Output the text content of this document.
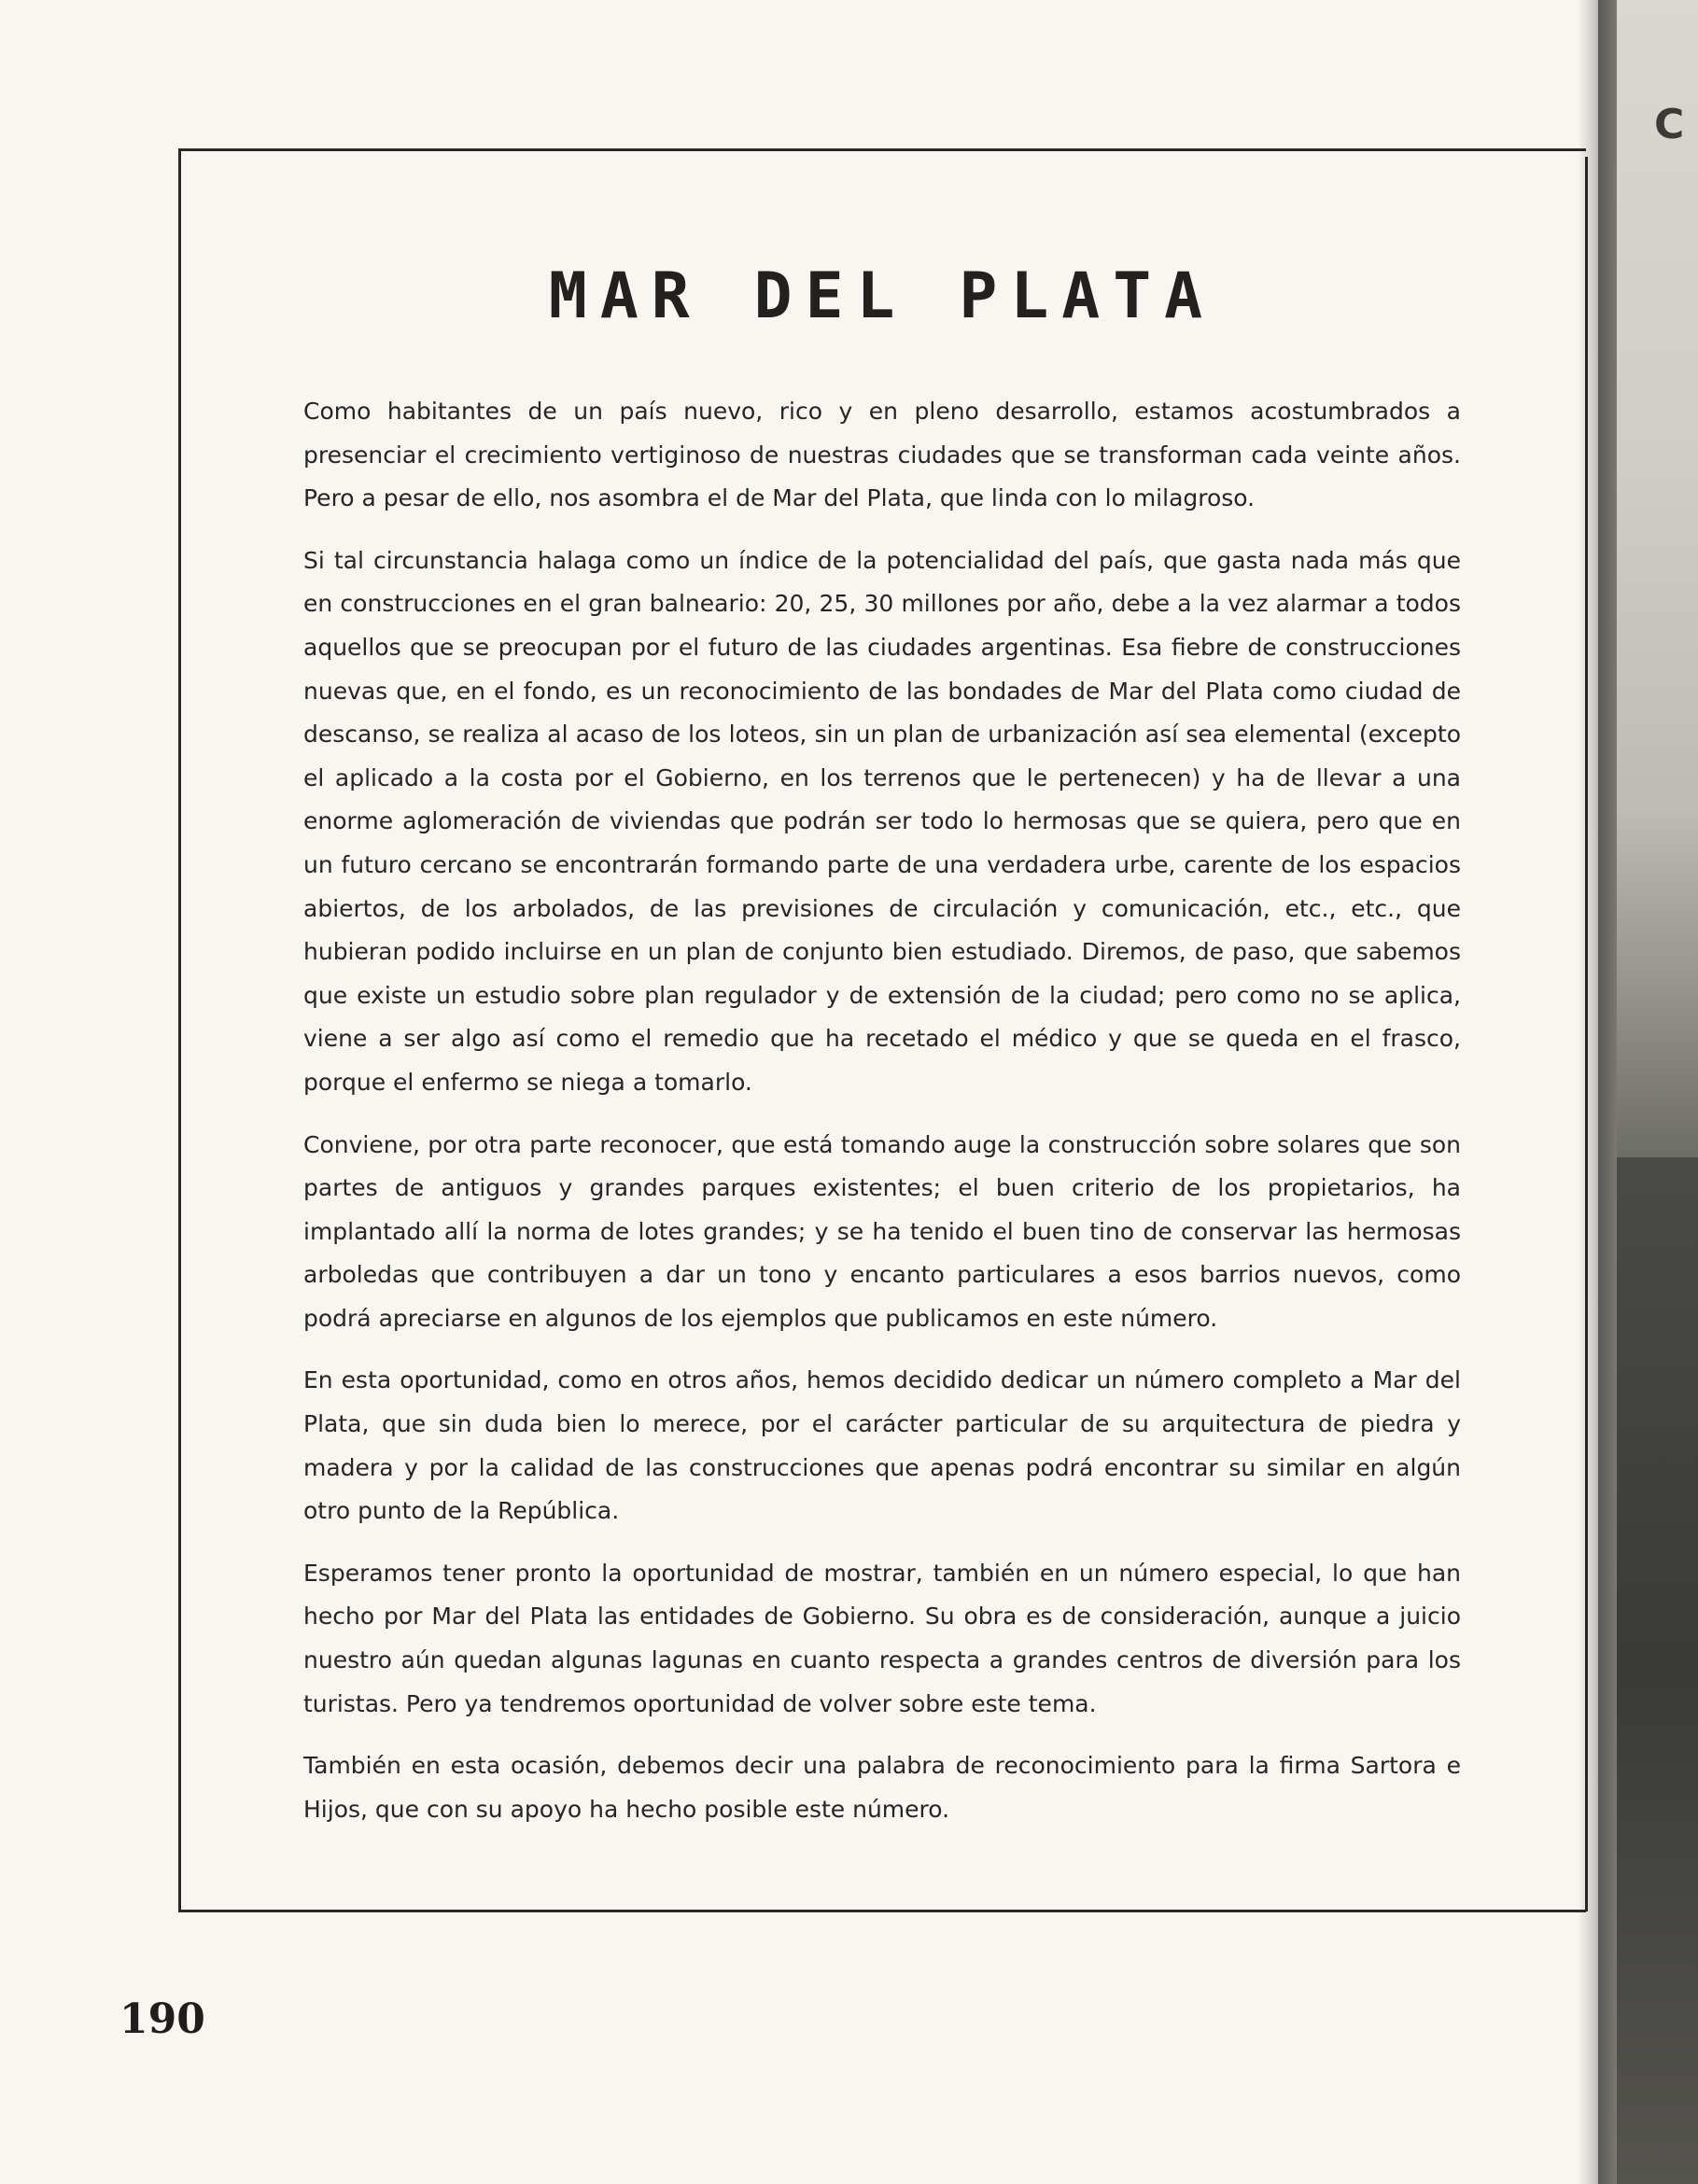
MAR DEL PLATA

Como habitantes de un país nuevo, rico y en pleno desarrollo, estamos acostumbrados a presenciar el crecimiento vertiginoso de nuestras ciudades que se transforman cada veinte años. Pero a pesar de ello, nos asombra el de Mar del Plata, que linda con lo milagroso.

Si tal circunstancia halaga como un índice de la potencialidad del país, que gasta nada más que en construcciones en el gran balneario: 20, 25, 30 millones por año, debe a la vez alarmar a todos aquellos que se preocupan por el futuro de las ciudades argentinas. Esa fiebre de construcciones nuevas que, en el fondo, es un reconocimiento de las bondades de Mar del Plata como ciudad de descanso, se realiza al acaso de los loteos, sin un plan de urbanización así sea elemental (excepto el aplicado a la costa por el Gobierno, en los terrenos que le pertenecen) y ha de llevar a una enorme aglomeración de viviendas que podrán ser todo lo hermosas que se quiera, pero que en un futuro cercano se encontrarán formando parte de una verdadera urbe, carente de los espacios abiertos, de los arbolados, de las previsiones de circulación y comunicación, etc., etc., que hubieran podido incluirse en un plan de conjunto bien estudiado. Diremos, de paso, que sabemos que existe un estudio sobre plan regulador y de extensión de la ciudad; pero como no se aplica, viene a ser algo así como el remedio que ha recetado el médico y que se queda en el frasco, porque el enfermo se niega a tomarlo.

Conviene, por otra parte reconocer, que está tomando auge la construcción sobre solares que son partes de antiguos y grandes parques existentes; el buen criterio de los propietarios, ha implantado allí la norma de lotes grandes; y se ha tenido el buen tino de conservar las hermosas arboledas que contribuyen a dar un tono y encanto particulares a esos barrios nuevos, como podrá apreciarse en algunos de los ejemplos que publicamos en este número.

En esta oportunidad, como en otros años, hemos decidido dedicar un número completo a Mar del Plata, que sin duda bien lo merece, por el carácter particular de su arquitectura de piedra y madera y por la calidad de las construcciones que apenas podrá encontrar su similar en algún otro punto de la República.

Esperamos tener pronto la oportunidad de mostrar, también en un número especial, lo que han hecho por Mar del Plata las entidades de Gobierno. Su obra es de consideración, aunque a juicio nuestro aún quedan algunas lagunas en cuanto respecta a grandes centros de diversión para los turistas. Pero ya tendremos oportunidad de volver sobre este tema.

También en esta ocasión, debemos decir una palabra de reconocimiento para la firma Sartora e Hijos, que con su apoyo ha hecho posible este número.

190
C
